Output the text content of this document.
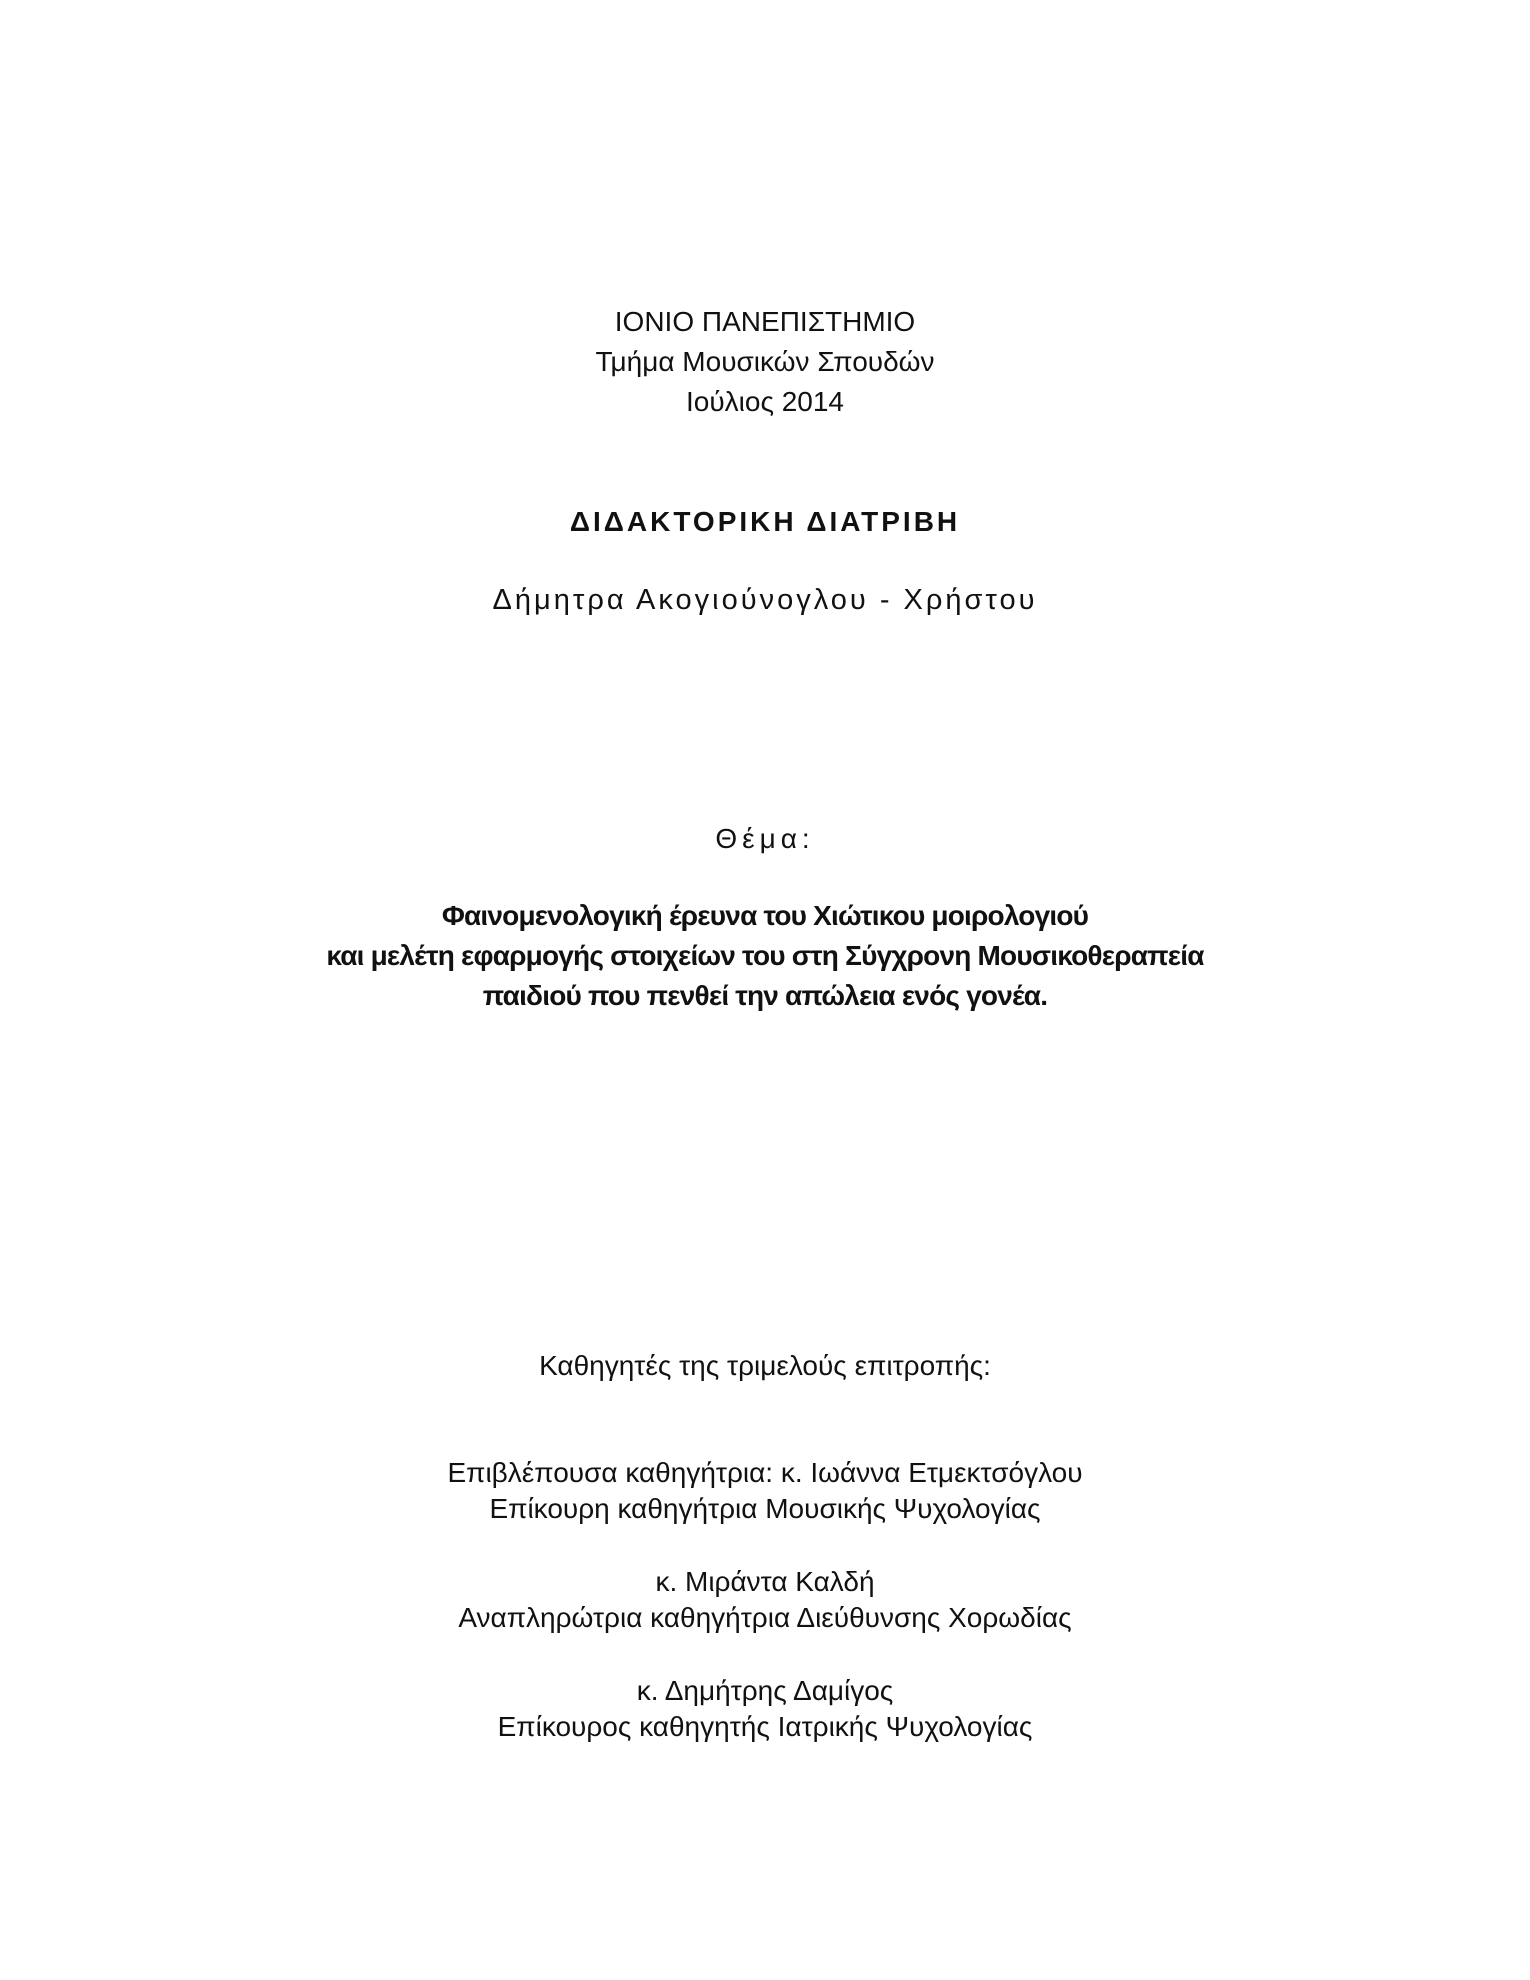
ΙΟΝΙΟ ΠΑΝΕΠΙΣΤΗΜΙΟ
Τμήμα Μουσικών Σπουδών
Ιούλιος 2014
ΔΙΔΑΚΤΟΡΙΚΗ ΔΙΑΤΡΙΒΗ
Δήμητρα Ακογιούνογλου - Χρήστου
Θέμα:
Φαινομενολογική έρευνα του Χιώτικου μοιρολογιού
και μελέτη εφαρμογής στοιχείων του στη Σύγχρονη Μουσικοθεραπεία
παιδιού που πενθεί την απώλεια ενός γονέα.
Καθηγητές της τριμελούς επιτροπής:
Επιβλέπουσα καθηγήτρια: κ. Ιωάννα Ετμεκτσόγλου
Επίκουρη καθηγήτρια Μουσικής Ψυχολογίας
κ. Μιράντα Καλδή
Αναπληρώτρια καθηγήτρια Διεύθυνσης Χορωδίας
κ. Δημήτρης Δαμίγος
Επίκουρος καθηγητής Ιατρικής Ψυχολογίας
